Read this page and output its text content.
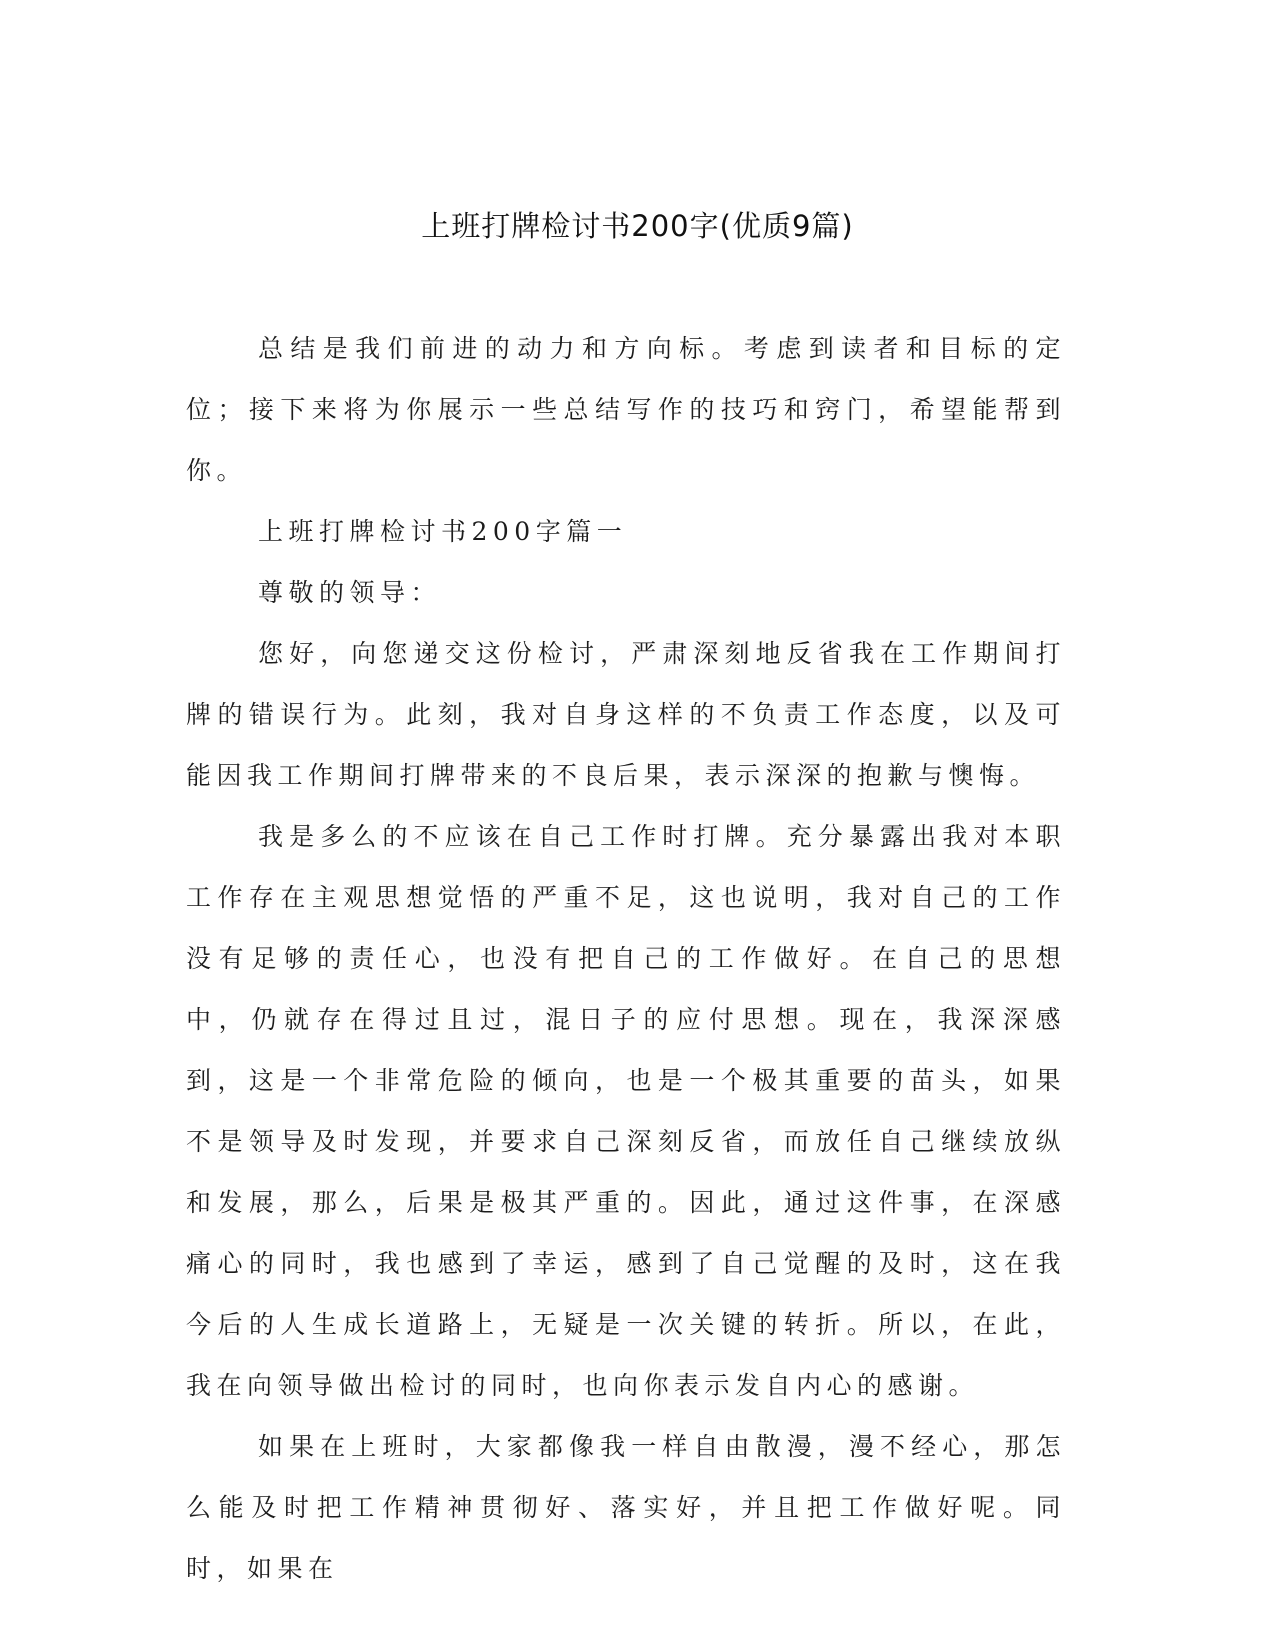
上班打牌检讨书200字(优质9篇)

总结是我们前进的动力和方向标。考虑到读者和目标的定位；接下来将为你展示一些总结写作的技巧和窍门，希望能帮到你。

上班打牌检讨书200字篇一

尊敬的领导：

您好，向您递交这份检讨，严肃深刻地反省我在工作期间打牌的错误行为。此刻，我对自身这样的不负责工作态度，以及可能因我工作期间打牌带来的不良后果，表示深深的抱歉与懊悔。

我是多么的不应该在自己工作时打牌。充分暴露出我对本职工作存在主观思想觉悟的严重不足，这也说明，我对自己的工作没有足够的责任心，也没有把自己的工作做好。在自己的思想中，仍就存在得过且过，混日子的应付思想。现在，我深深感到，这是一个非常危险的倾向，也是一个极其重要的苗头，如果不是领导及时发现，并要求自己深刻反省，而放任自己继续放纵和发展，那么，后果是极其严重的。因此，通过这件事，在深感痛心的同时，我也感到了幸运，感到了自己觉醒的及时，这在我今后的人生成长道路上，无疑是一次关键的转折。所以，在此，我在向领导做出检讨的同时，也向你表示发自内心的感谢。

如果在上班时，大家都像我一样自由散漫，漫不经心，那怎么能及时把工作精神贯彻好、落实好，并且把工作做好呢。同时，如果在
